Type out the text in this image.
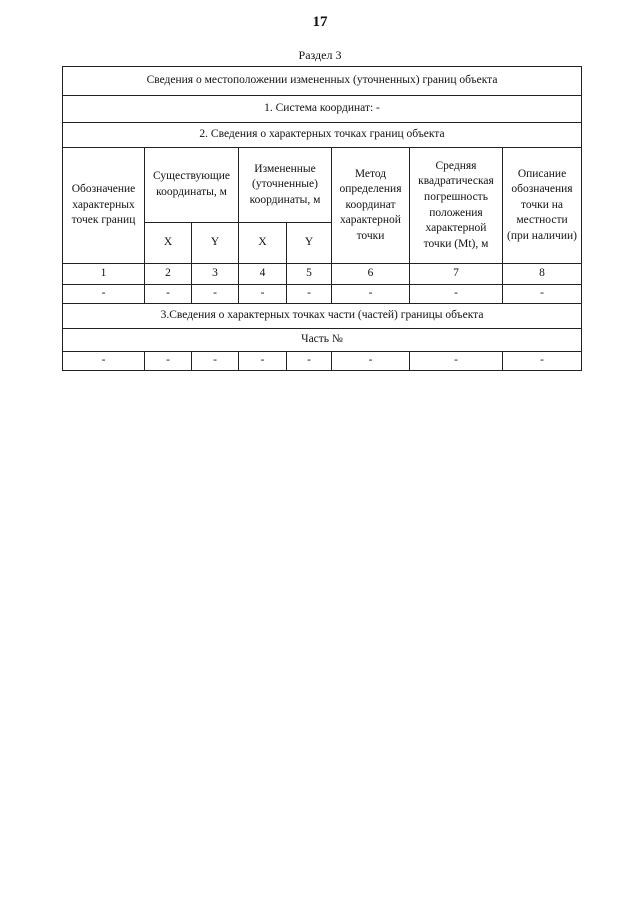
17
Раздел 3
Сведения о местоположении измененных (уточненных) границ объекта							
1. Система координат: -							
2. Сведения о характерных точках границ объекта							
Обозначение характерных точек границ	Существующие координаты, м		Измененные (уточненные) координаты, м		Метод определения координат характерной точки	Средняя квадратическая погрешность положения характерной точки (Mt), м	Описание обозначения точки на местности (при наличии)
	X	Y	X	Y			
1	2	3	4	5	6	7	8
-	-	-	-	-	-	-	-
3.Сведения о характерных точках части (частей) границы объекта							
Часть №							
-	-	-	-	-	-	-	-
